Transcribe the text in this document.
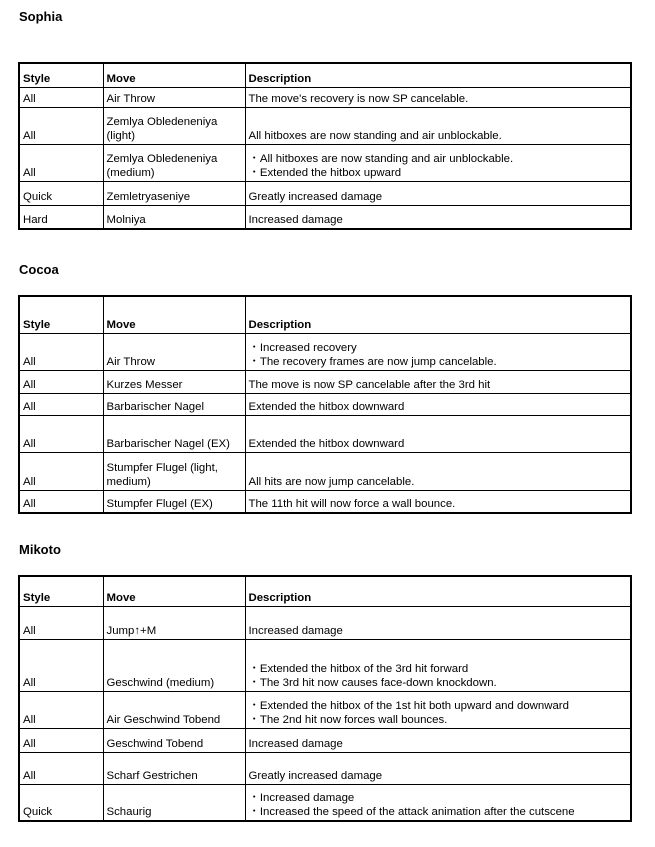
Sophia
Style	Move	Description
All	Air Throw	The move's recovery is now SP cancelable.

All	Zemlya Obledeneniya (light)	All hitboxes are now standing and air unblockable.

All	Zemlya Obledeneniya (medium)	・All hitboxes are now standing and air unblockable.
・Extended the hitbox upward

Quick	Zemletryaseniye	Greatly increased damage

Hard	Molniya	Increased damage
Cocoa
Style	Move	Description
All	Air Throw	・Increased recovery
・The recovery frames are now jump cancelable.

All	Kurzes Messer	The move is now SP cancelable after the 3rd hit

All	Barbarischer Nagel	Extended the hitbox downward

All	Barbarischer Nagel (EX)	Extended the hitbox downward

All	Stumpfer Flugel (light, medium)	All hits are now jump cancelable.

All	Stumpfer Flugel (EX)	The 11th hit will now force a wall bounce.
Mikoto
Style	Move	Description
All	Jump↑+M	Increased damage

All	Geschwind (medium)	・Extended the hitbox of the 3rd hit forward
・The 3rd hit now causes face-down knockdown.

All	Air Geschwind Tobend	・Extended the hitbox of the 1st hit both upward and downward
・The 2nd hit now forces wall bounces.

All	Geschwind Tobend	Increased damage

All	Scharf Gestrichen	Greatly increased damage

Quick	Schaurig	・Increased damage
・Increased the speed of the attack animation after the cutscene
